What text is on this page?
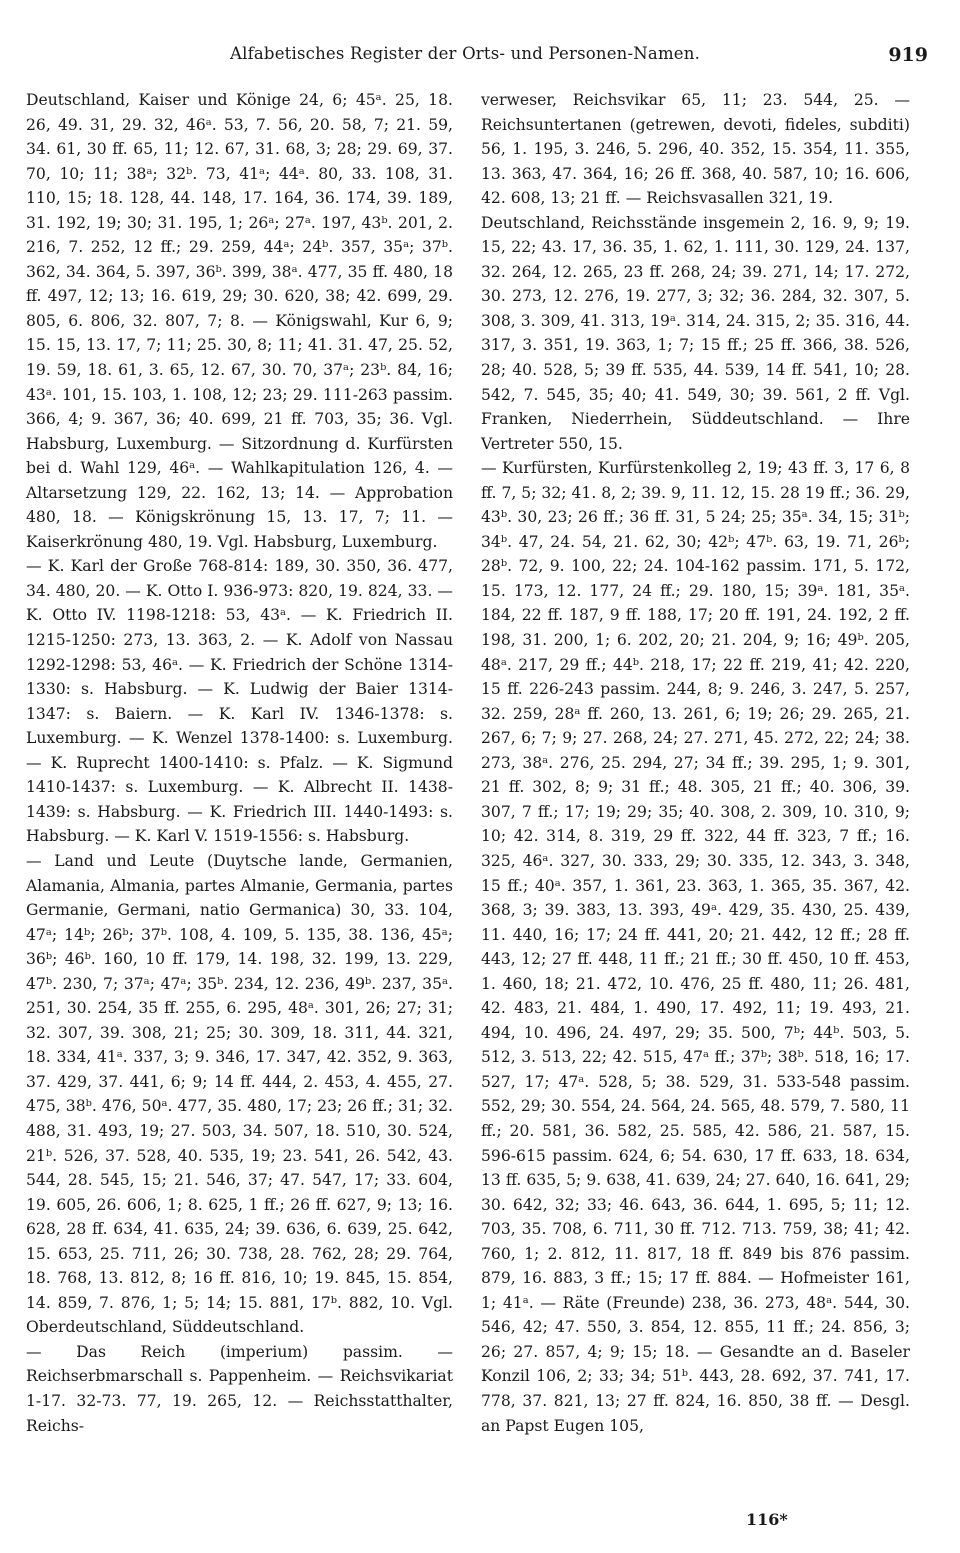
Alfabetisches Register der Orts- und Personen-Namen.	919

Deutschland, Kaiser und Könige 24, 6; 45ᵃ. 25, 18. 26, 49. 31, 29. 32, 46ᵃ. 53, 7. 56, 20. 58, 7; 21. 59, 34. 61, 30 ff. 65, 11; 12. 67, 31. 68, 3; 28; 29. 69, 37. 70, 10; 11; 38ᵃ; 32ᵇ. 73, 41ᵃ; 44ᵃ. 80, 33. 108, 31. 110, 15; 18. 128, 44. 148, 17. 164, 36. 174, 39. 189, 31. 192, 19; 30; 31. 195, 1; 26ᵃ; 27ᵃ. 197, 43ᵇ. 201, 2. 216, 7. 252, 12 ff.; 29. 259, 44ᵃ; 24ᵇ. 357, 35ᵃ; 37ᵇ. 362, 34. 364, 5. 397, 36ᵇ. 399, 38ᵃ. 477, 35 ff. 480, 18 ff. 497, 12; 13; 16. 619, 29; 30. 620, 38; 42. 699, 29. 805, 6. 806, 32. 807, 7; 8. — Königswahl, Kur 6, 9; 15. 15, 13. 17, 7; 11; 25. 30, 8; 11; 41. 31. 47, 25. 52, 19. 59, 18. 61, 3. 65, 12. 67, 30. 70, 37ᵃ; 23ᵇ. 84, 16; 43ᵃ. 101, 15. 103, 1. 108, 12; 23; 29. 111-263 passim. 366, 4; 9. 367, 36; 40. 699, 21 ff. 703, 35; 36. Vgl. Habsburg, Luxemburg. — Sitzordnung d. Kurfürsten bei d. Wahl 129, 46ᵃ. — Wahlkapitulation 126, 4. — Altarsetzung 129, 22. 162, 13; 14. — Approbation 480, 18. — Königskrönung 15, 13. 17, 7; 11. — Kaiserkrönung 480, 19. Vgl. Habsburg, Luxemburg.

— K. Karl der Große 768-814: 189, 30. 350, 36. 477, 34. 480, 20. — K. Otto I. 936-973: 820, 19. 824, 33. — K. Otto IV. 1198-1218: 53, 43ᵃ. — K. Friedrich II. 1215-1250: 273, 13. 363, 2. — K. Adolf von Nassau 1292-1298: 53, 46ᵃ. — K. Friedrich der Schöne 1314-1330: s. Habsburg. — K. Ludwig der Baier 1314-1347: s. Baiern. — K. Karl IV. 1346-1378: s. Luxemburg. — K. Wenzel 1378-1400: s. Luxemburg. — K. Ruprecht 1400-1410: s. Pfalz. — K. Sigmund 1410-1437: s. Luxemburg. — K. Albrecht II. 1438-1439: s. Habsburg. — K. Friedrich III. 1440-1493: s. Habsburg. — K. Karl V. 1519-1556: s. Habsburg.

— Land und Leute (Duytsche lande, Germanien, Alamania, Almania, partes Almanie, Germania, partes Germanie, Germani, natio Germanica) 30, 33. 104, 47ᵃ; 14ᵇ; 26ᵇ; 37ᵇ. 108, 4. 109, 5. 135, 38. 136, 45ᵃ; 36ᵇ; 46ᵇ. 160, 10 ff. 179, 14. 198, 32. 199, 13. 229, 47ᵇ. 230, 7; 37ᵃ; 47ᵃ; 35ᵇ. 234, 12. 236, 49ᵇ. 237, 35ᵃ. 251, 30. 254, 35 ff. 255, 6. 295, 48ᵃ. 301, 26; 27; 31; 32. 307, 39. 308, 21; 25; 30. 309, 18. 311, 44. 321, 18. 334, 41ᵃ. 337, 3; 9. 346, 17. 347, 42. 352, 9. 363, 37. 429, 37. 441, 6; 9; 14 ff. 444, 2. 453, 4. 455, 27. 475, 38ᵇ. 476, 50ᵃ. 477, 35. 480, 17; 23; 26 ff.; 31; 32. 488, 31. 493, 19; 27. 503, 34. 507, 18. 510, 30. 524, 21ᵇ. 526, 37. 528, 40. 535, 19; 23. 541, 26. 542, 43. 544, 28. 545, 15; 21. 546, 37; 47. 547, 17; 33. 604, 19. 605, 26. 606, 1; 8. 625, 1 ff.; 26 ff. 627, 9; 13; 16. 628, 28 ff. 634, 41. 635, 24; 39. 636, 6. 639, 25. 642, 15. 653, 25. 711, 26; 30. 738, 28. 762, 28; 29. 764, 18. 768, 13. 812, 8; 16 ff. 816, 10; 19. 845, 15. 854, 14. 859, 7. 876, 1; 5; 14; 15. 881, 17ᵇ. 882, 10. Vgl. Oberdeutschland, Süddeutschland.

— Das Reich (imperium) passim. — Reichserbmarschall s. Pappenheim. — Reichsvikariat 1-17. 32-73. 77, 19. 265, 12. — Reichsstatthalter, Reichs-

verweser, Reichsvikar 65, 11; 23. 544, 25. — Reichsuntertanen (getrewen, devoti, fideles, subditi) 56, 1. 195, 3. 246, 5. 296, 40. 352, 15. 354, 11. 355, 13. 363, 47. 364, 16; 26 ff. 368, 40. 587, 10; 16. 606, 42. 608, 13; 21 ff. — Reichsvasallen 321, 19.

Deutschland, Reichsstände insgemein 2, 16. 9, 9; 19. 15, 22; 43. 17, 36. 35, 1. 62, 1. 111, 30. 129, 24. 137, 32. 264, 12. 265, 23 ff. 268, 24; 39. 271, 14; 17. 272, 30. 273, 12. 276, 19. 277, 3; 32; 36. 284, 32. 307, 5. 308, 3. 309, 41. 313, 19ᵃ. 314, 24. 315, 2; 35. 316, 44. 317, 3. 351, 19. 363, 1; 7; 15 ff.; 25 ff. 366, 38. 526, 28; 40. 528, 5; 39 ff. 535, 44. 539, 14 ff. 541, 10; 28. 542, 7. 545, 35; 40; 41. 549, 30; 39. 561, 2 ff. Vgl. Franken, Niederrhein, Süddeutschland. — Ihre Vertreter 550, 15.

— Kurfürsten, Kurfürstenkolleg 2, 19; 43 ff. 3, 17 6, 8 ff. 7, 5; 32; 41. 8, 2; 39. 9, 11. 12, 15. 28 19 ff.; 36. 29, 43ᵇ. 30, 23; 26 ff.; 36 ff. 31, 5 24; 25; 35ᵃ. 34, 15; 31ᵇ; 34ᵇ. 47, 24. 54, 21. 62, 30; 42ᵇ; 47ᵇ. 63, 19. 71, 26ᵇ; 28ᵇ. 72, 9. 100, 22; 24. 104-162 passim. 171, 5. 172, 15. 173, 12. 177, 24 ff.; 29. 180, 15; 39ᵃ. 181, 35ᵃ. 184, 22 ff. 187, 9 ff. 188, 17; 20 ff. 191, 24. 192, 2 ff. 198, 31. 200, 1; 6. 202, 20; 21. 204, 9; 16; 49ᵇ. 205, 48ᵃ. 217, 29 ff.; 44ᵇ. 218, 17; 22 ff. 219, 41; 42. 220, 15 ff. 226-243 passim. 244, 8; 9. 246, 3. 247, 5. 257, 32. 259, 28ᵃ ff. 260, 13. 261, 6; 19; 26; 29. 265, 21. 267, 6; 7; 9; 27. 268, 24; 27. 271, 45. 272, 22; 24; 38. 273, 38ᵃ. 276, 25. 294, 27; 34 ff.; 39. 295, 1; 9. 301, 21 ff. 302, 8; 9; 31 ff.; 48. 305, 21 ff.; 40. 306, 39. 307, 7 ff.; 17; 19; 29; 35; 40. 308, 2. 309, 10. 310, 9; 10; 42. 314, 8. 319, 29 ff. 322, 44 ff. 323, 7 ff.; 16. 325, 46ᵃ. 327, 30. 333, 29; 30. 335, 12. 343, 3. 348, 15 ff.; 40ᵃ. 357, 1. 361, 23. 363, 1. 365, 35. 367, 42. 368, 3; 39. 383, 13. 393, 49ᵃ. 429, 35. 430, 25. 439, 11. 440, 16; 17; 24 ff. 441, 20; 21. 442, 12 ff.; 28 ff. 443, 12; 27 ff. 448, 11 ff.; 21 ff.; 30 ff. 450, 10 ff. 453, 1. 460, 18; 21. 472, 10. 476, 25 ff. 480, 11; 26. 481, 42. 483, 21. 484, 1. 490, 17. 492, 11; 19. 493, 21. 494, 10. 496, 24. 497, 29; 35. 500, 7ᵇ; 44ᵇ. 503, 5. 512, 3. 513, 22; 42. 515, 47ᵃ ff.; 37ᵇ; 38ᵇ. 518, 16; 17. 527, 17; 47ᵃ. 528, 5; 38. 529, 31. 533-548 passim. 552, 29; 30. 554, 24. 564, 24. 565, 48. 579, 7. 580, 11 ff.; 20. 581, 36. 582, 25. 585, 42. 586, 21. 587, 15. 596-615 passim. 624, 6; 54. 630, 17 ff. 633, 18. 634, 13 ff. 635, 5; 9. 638, 41. 639, 24; 27. 640, 16. 641, 29; 30. 642, 32; 33; 46. 643, 36. 644, 1. 695, 5; 11; 12. 703, 35. 708, 6. 711, 30 ff. 712. 713. 759, 38; 41; 42. 760, 1; 2. 812, 11. 817, 18 ff. 849 bis 876 passim. 879, 16. 883, 3 ff.; 15; 17 ff. 884. — Hofmeister 161, 1; 41ᵃ. — Räte (Freunde) 238, 36. 273, 48ᵃ. 544, 30. 546, 42; 47. 550, 3. 854, 12. 855, 11 ff.; 24. 856, 3; 26; 27. 857, 4; 9; 15; 18. — Gesandte an d. Baseler Konzil 106, 2; 33; 34; 51ᵇ. 443, 28. 692, 37. 741, 17. 778, 37. 821, 13; 27 ff. 824, 16. 850, 38 ff. — Desgl. an Papst Eugen 105,

116*
